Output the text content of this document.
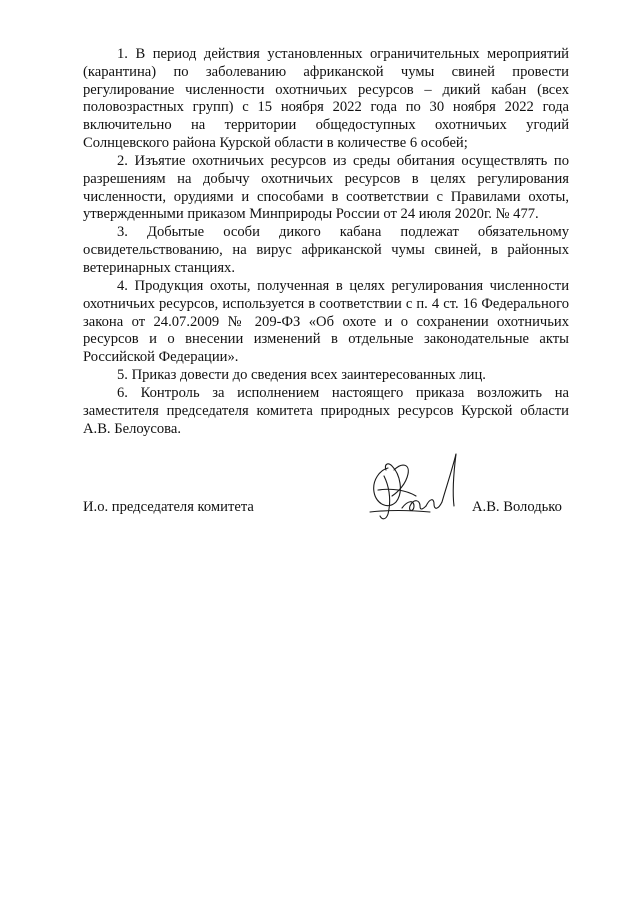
1. В период действия установленных ограничительных мероприятий (карантина) по заболеванию африканской чумы свиней провести регулирование численности охотничьих ресурсов – дикий кабан (всех половозрастных групп) с 15 ноября 2022 года по 30 ноября 2022 года включительно на территории общедоступных охотничьих угодий Солнцевского района Курской области в количестве 6 особей;

2. Изъятие охотничьих ресурсов из среды обитания осуществлять по разрешениям на добычу охотничьих ресурсов в целях регулирования численности, орудиями и способами в соответствии с Правилами охоты, утвержденными приказом Минприроды России от 24 июля 2020г. № 477.

3. Добытые особи дикого кабана подлежат обязательному освидетельствованию, на вирус африканской чумы свиней, в районных ветеринарных станциях.

4. Продукция охоты, полученная в целях регулирования численности охотничьих ресурсов, используется в соответствии с п. 4 ст. 16 Федерального закона от 24.07.2009 № 209-ФЗ «Об охоте и о сохранении охотничьих ресурсов и о внесении изменений в отдельные законодательные акты Российской Федерации».

5. Приказ довести до сведения всех заинтересованных лиц.

6. Контроль за исполнением настоящего приказа возложить на заместителя председателя комитета природных ресурсов Курской области А.В. Белоусова.

И.о. председателя комитета	А.В. Володько
